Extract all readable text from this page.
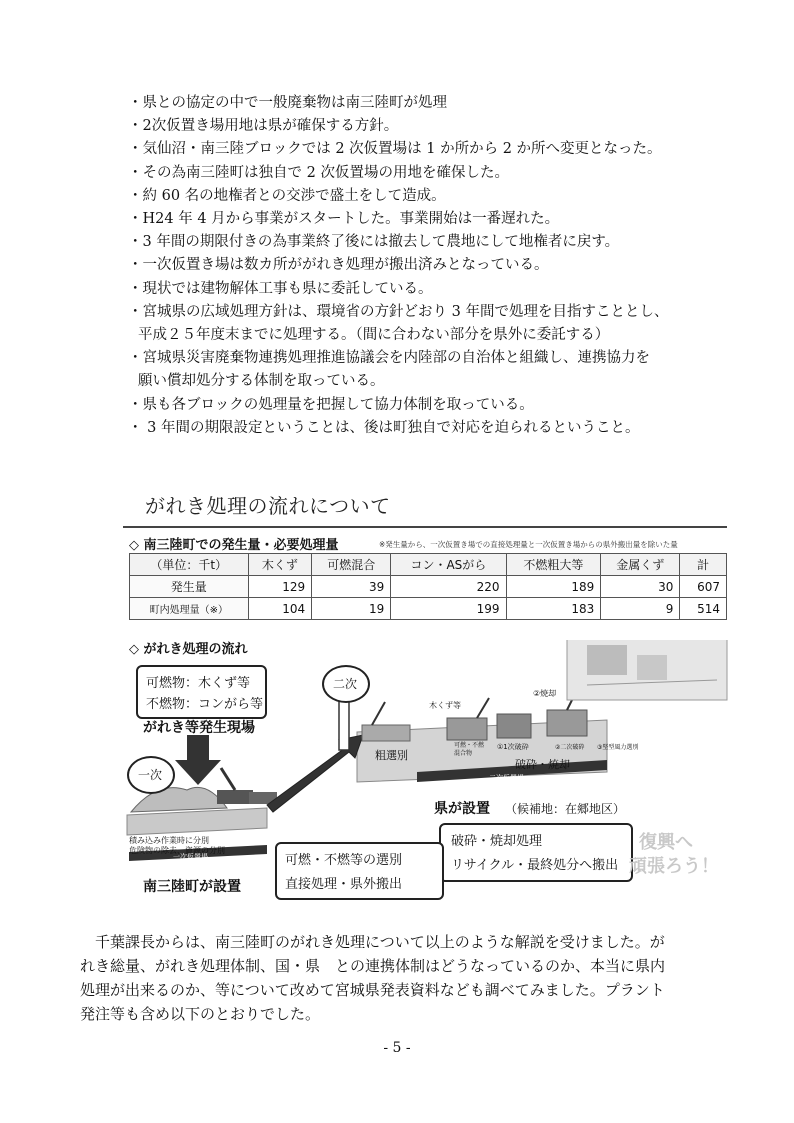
・県との協定の中で一般廃棄物は南三陸町が処理
・2次仮置き場用地は県が確保する方針。
・気仙沼・南三陸ブロックでは 2 次仮置場は 1 か所から 2 か所へ変更となった。
・その為南三陸町は独自で 2 次仮置場の用地を確保した。
・約 60 名の地権者との交渉で盛土をして造成。
・H24 年 4 月から事業がスタートした。事業開始は一番遅れた。
・3 年間の期限付きの為事業終了後には撤去して農地にして地権者に戻す。
・一次仮置き場は数カ所ががれき処理が搬出済みとなっている。
・現状では建物解体工事も県に委託している。
・宮城県の広域処理方針は、環境省の方針どおり 3 年間で処理を目指すこととし、
平成２５年度末までに処理する。（間に合わない部分を県外に委託する）
・宮城県災害廃棄物連携処理推進協議会を内陸部の自治体と組織し、連携協力を
願い償却処分する体制を取っている。
・県も各ブロックの処理量を把握して協力体制を取っている。
・ 3 年間の期限設定ということは、後は町独自で対応を迫られるということ。
がれき処理の流れについて
◇ 南三陸町での発生量・必要処理量	※発生量から、一次仮置き場での直接処理量と一次仮置き場からの県外搬出量を除いた量
（単位：千t）	木くず	可燃混合	コン・ASがら	不燃粗大等	金属くず	計
発生量	129	39	220	189	30	607
町内処理量（※）	104	19	199	183	9	514
◇ がれき処理の流れ
可燃物：木くず等
不燃物：コンがら等
がれき等発生現場
一次
二次
木くず等
②焼却
粗選別
可燃・不燃混合物
①1次破砕	②二次破砕 ③堅型風力選別
破砕・焼却
二次仮置場
積み込み作業時に分別
危険物の除去、資源の分別
一次仮置場
県が設置 （候補地：在郷地区）
破砕・焼却処理
リサイクル・最終処分へ搬出
復興へ
頑張ろう！
南三陸町が設置
可燃・不燃等の選別
直接処理・県外搬出
　千葉課長からは、南三陸町のがれき処理について以上のような解説を受けました。が
れき総量、がれき処理体制、国・県　との連携体制はどうなっているのか、本当に県内
処理が出来るのか、等について改めて宮城県発表資料なども調べてみました。プラント
発注等も含め以下のとおりでした。
- 5 -
